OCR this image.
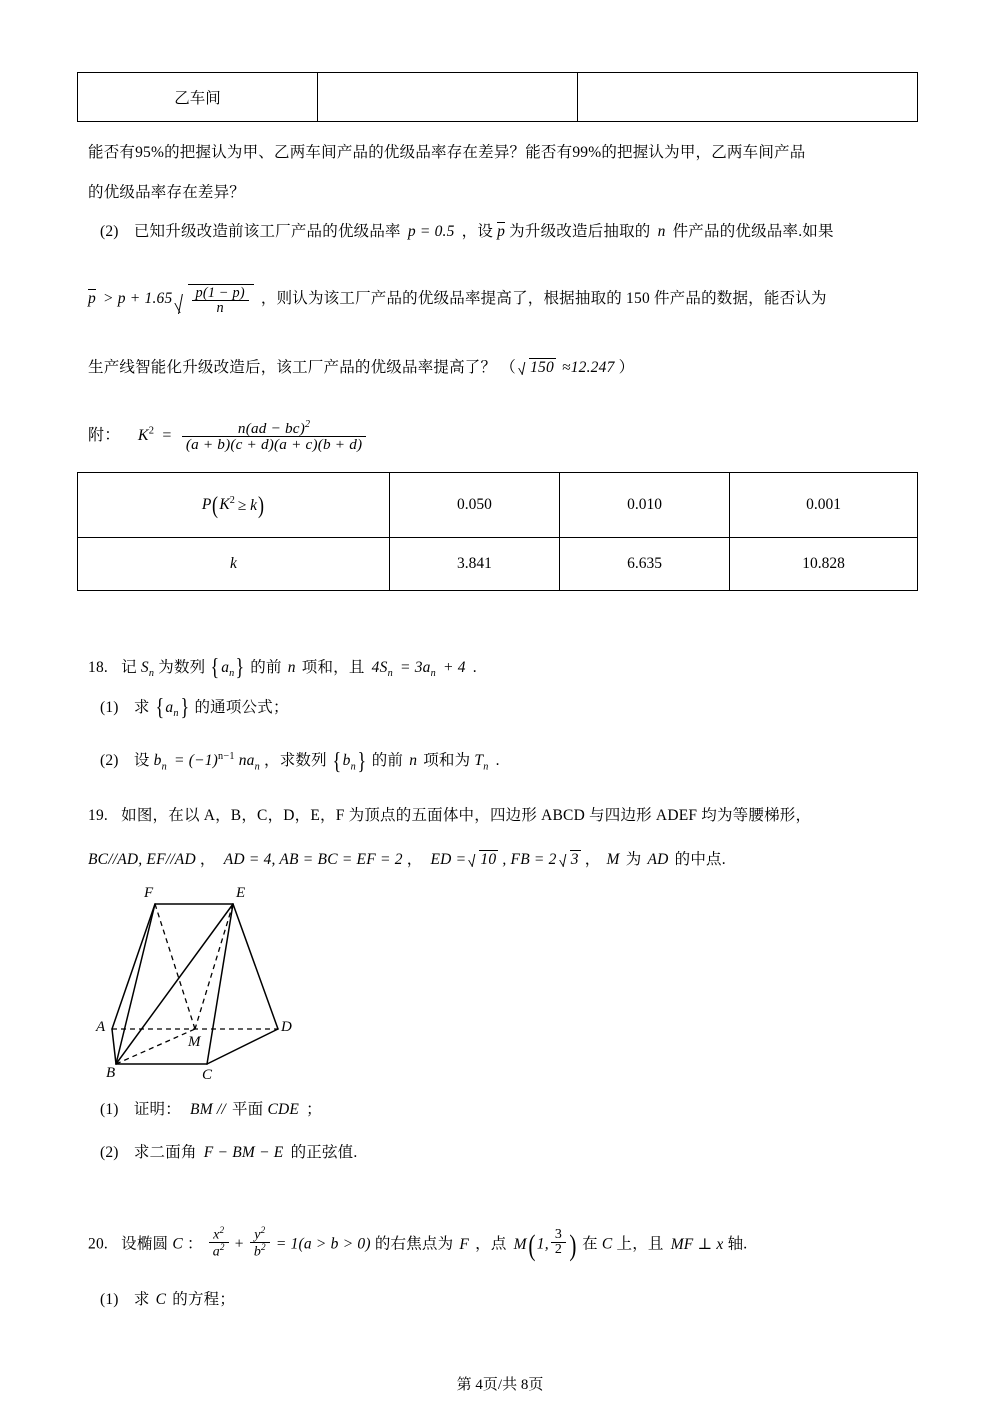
乙车间		
能否有95%的把握认为甲、乙两车间产品的优级品率存在差异？能否有99%的把握认为甲，乙两车间产品
的优级品率存在差异？
(2) 已知升级改造前该工厂产品的优级品率 p = 0.5 ，设 p 为升级改造后抽取的 n 件产品的优级品率.如果
$p > p + 1.65 \frac{p(1 - p)}{n}$ ，则认为该工厂产品的优级品率提高了，根据抽取的 150 件产品的数据，能否认为
生产线智能化升级改造后，该工厂产品的优级品率提高了？ （ 150 ≈12.247 ）
附： $K^2 = \frac{n(ad - bc)^2}{(a + b)(c + d)(a + c)(b + d)}$
$P(K^2 \ge k)$	0.050	0.010	0.001
k	3.841	6.635	10.828
18. 记 $S_n$ 为数列 $\{a_n\}$ 的前 n 项和，且 $4S_n = 3a_n + 4$ .
(1) 求 $\{a_n\}$ 的通项公式；
(2) 设 $b_n = (-1)^{n-1}$ $na_n$ ，求数列 $\{b_n\}$ 的前 n 项和为 $T_n$ .
19. 如图，在以 A，B，C，D，E，F 为顶点的五面体中，四边形 ABCD 与四边形 ADEF 均为等腰梯形，
BC//AD, EF//AD ， AD = 4, AB = BC = EF = 2 ， ED = 10 , FB = 2 3 ， M 为 AD 的中点.
F	E
A	D
M
B	C
(1) 证明： BM // 平面 CDE ；
(2) 求二面角 F − BM − E 的正弦值.
20. 设椭圆 C ： $\frac{x^2}{a^2} + \frac{y^2}{b^2} = 1(a > b > 0)$ 的右焦点为 F ，点 M(1, $\frac{3}{2}$ ) 在 C 上，且 MF ⊥ x 轴.
(1) 求 C 的方程；
第 4页/共 8页
